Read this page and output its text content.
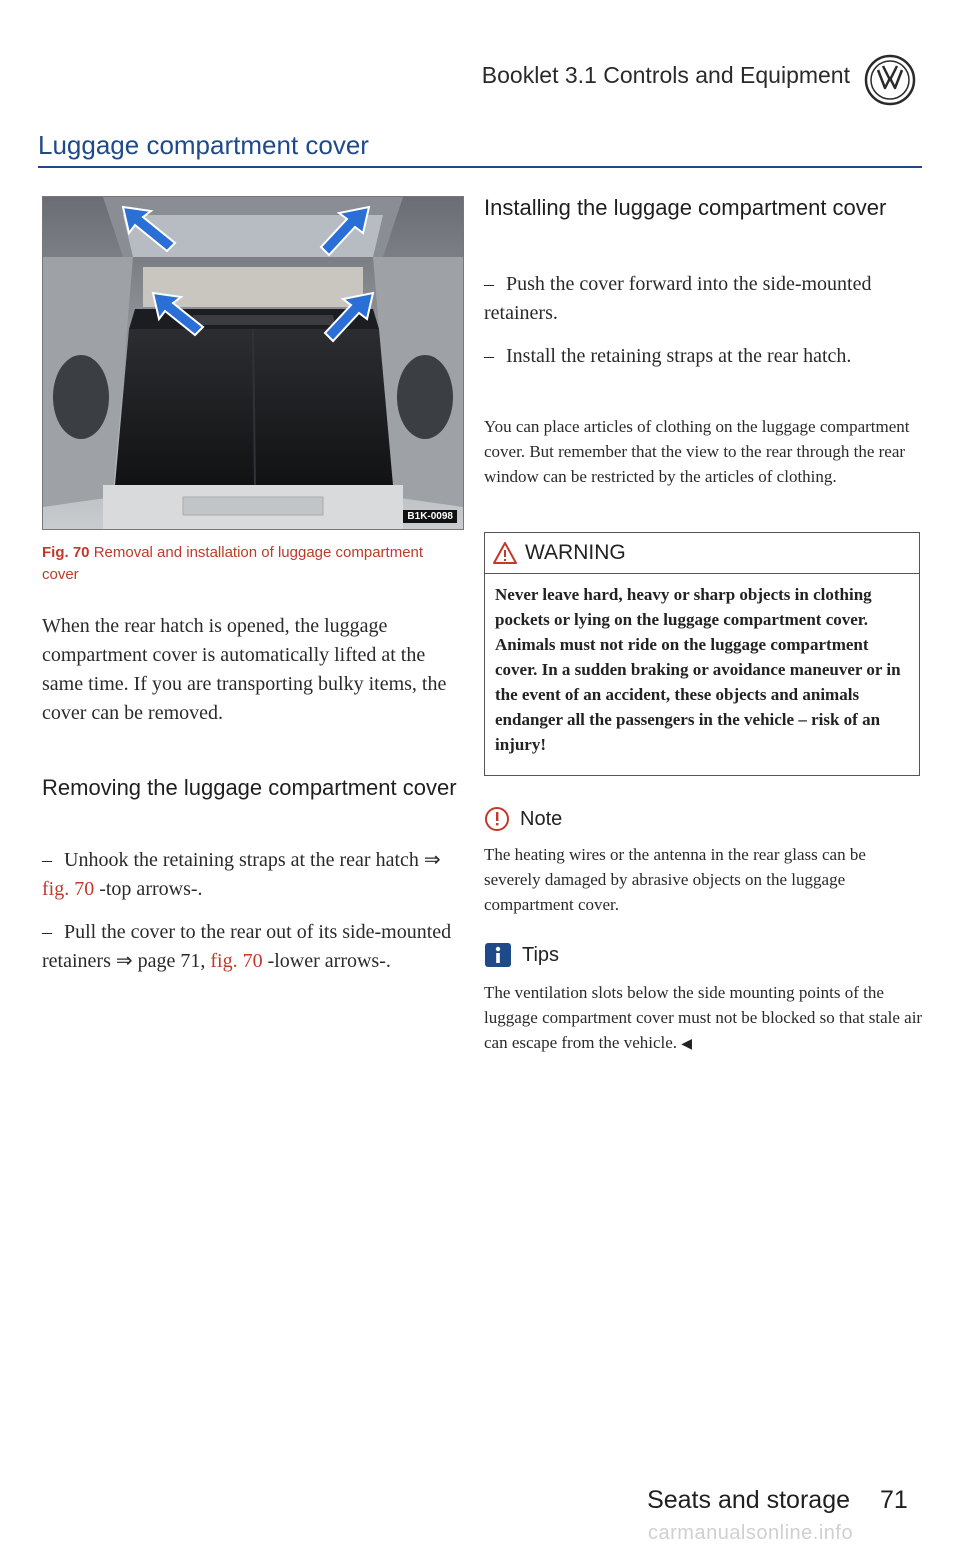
Booklet 3.1 Controls and Equipment
Luggage compartment cover
B1K-0098
Fig. 70 Removal and installation of luggage compartment cover
When the rear hatch is opened, the luggage compartment cover is automatically lifted at the same time. If you are transporting bulky items, the cover can be removed.
Removing the luggage compartment cover

– Unhook the retaining straps at the rear hatch ⇒ fig. 70 -top arrows-.

– Pull the cover to the rear out of its side-mounted retainers ⇒ page 71, fig. 70 -lower arrows-.

Installing the luggage compartment cover

– Push the cover forward into the side-mounted retainers.

– Install the retaining straps at the rear hatch.

You can place articles of clothing on the luggage compartment cover. But remember that the view to the rear through the rear window can be restricted by the articles of clothing.

WARNING
Never leave hard, heavy or sharp objects in clothing pockets or lying on the luggage compartment cover. Animals must not ride on the luggage compartment cover. In a sudden braking or avoidance maneuver or in the event of an accident, these objects and animals endanger all the passengers in the vehicle – risk of an injury!
Note

The heating wires or the antenna in the rear glass can be severely damaged by abrasive objects on the luggage compartment cover.

Tips

The ventilation slots below the side mounting points of the luggage compartment cover must not be blocked so that stale air can escape from the vehicle. ◀

Seats and storage 71
carmanualsonline.info
